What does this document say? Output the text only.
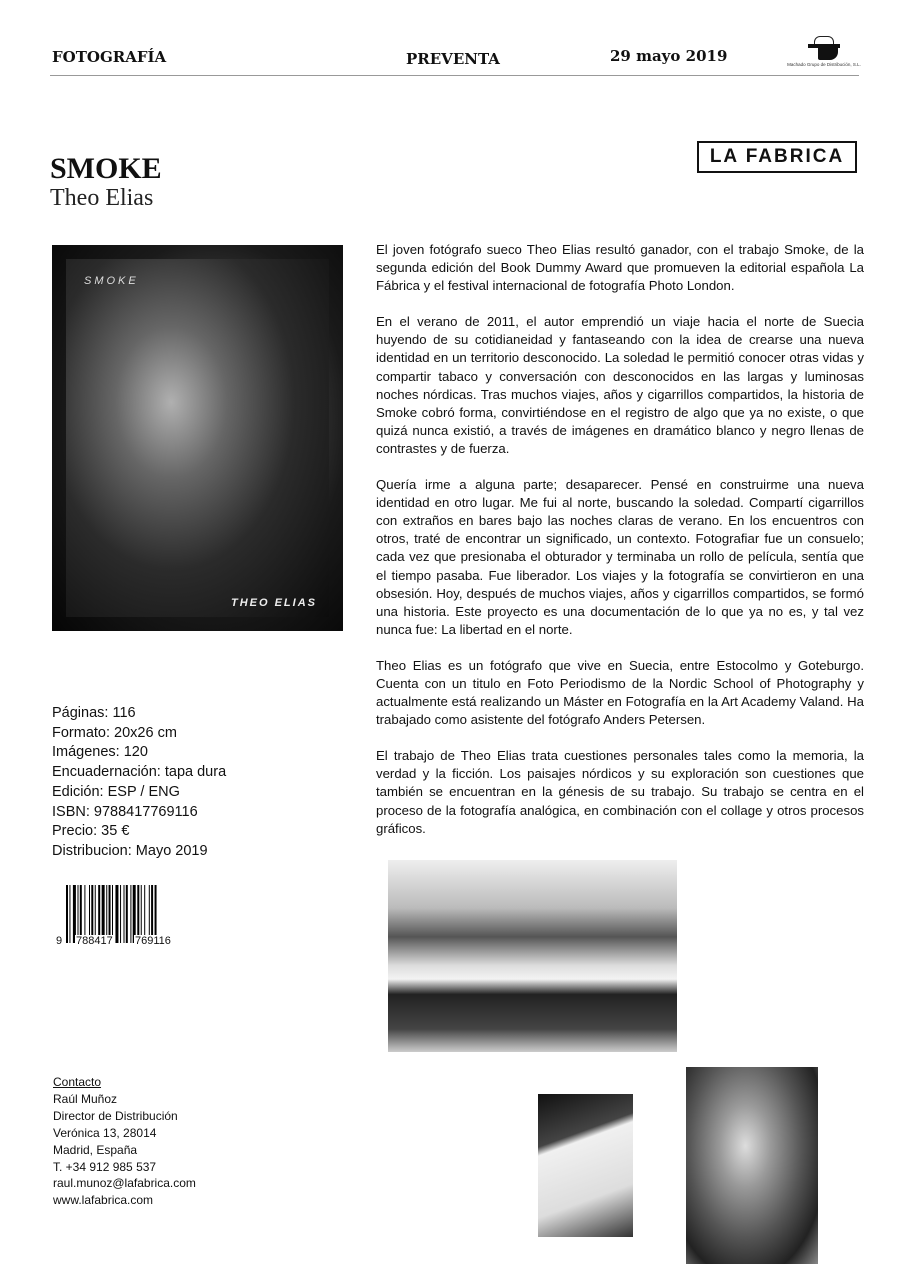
FOTOGRAFÍA	PREVENTA	29 mayo 2019	Machado Grupo de Distribución, S.L.
LA FABRICA
SMOKE
Theo Elias
SMOKE
THEO ELIAS

El joven fotógrafo sueco Theo Elias resultó ganador, con el trabajo Smoke, de la segunda edición del Book Dummy Award que promueven la editorial española La Fábrica y el festival internacional de fotografía Photo London.

En el verano de 2011, el autor emprendió un viaje hacia el norte de Suecia huyendo de su cotidianeidad y fantaseando con la idea de crearse una nueva identidad en un territorio desconocido. La soledad le permitió conocer otras vidas y compartir tabaco y conversación con desconocidos en las largas y luminosas noches nórdicas. Tras muchos viajes, años y cigarrillos compartidos, la historia de Smoke cobró forma, convirtiéndose en el registro de algo que ya no existe, o que quizá nunca existió, a través de imágenes en dramático blanco y negro llenas de contrastes y de fuerza.

Quería irme a alguna parte; desaparecer. Pensé en construirme una nueva identidad en otro lugar. Me fui al norte, buscando la soledad. Compartí cigarrillos con extraños en bares bajo las noches claras de verano. En los encuentros con otros, traté de encontrar un significado, un contexto. Fotografiar fue un consuelo; cada vez que presionaba el obturador y terminaba un rollo de película, sentía que el tiempo pasaba. Fue liberador. Los viajes y la fotografía se convirtieron en una obsesión. Hoy, después de muchos viajes, años y cigarrillos compartidos, se formó una historia. Este proyecto es una documentación de lo que ya no es, y tal vez nunca fue: La libertad en el norte.

Theo Elias es un fotógrafo que vive en Suecia, entre Estocolmo y Goteburgo. Cuenta con un titulo en Foto Periodismo de la Nordic School of Photography y actualmente está realizando un Máster en Fotografía en la Art Academy Valand. Ha trabajado como asistente del fotógrafo Anders Petersen.

El trabajo de Theo Elias trata cuestiones personales tales como la memoria, la verdad y la ficción. Los paisajes nórdicos y su exploración son cuestiones que también se encuentran en la génesis de su trabajo. Su trabajo se centra en el proceso de la fotografía analógica, en combinación con el collage y otros procesos gráficos.

Páginas: 116
Formato: 20x26 cm
Imágenes: 120
Encuadernación: tapa dura
Edición: ESP / ENG
ISBN: 9788417769116
Precio: 35 €
Distribucion: Mayo 2019
9 788417 769116
Contacto
Raúl Muñoz
Director de Distribución
Verónica 13, 28014
Madrid, España
T. +34 912 985 537
raul.munoz@lafabrica.com
www.lafabrica.com
